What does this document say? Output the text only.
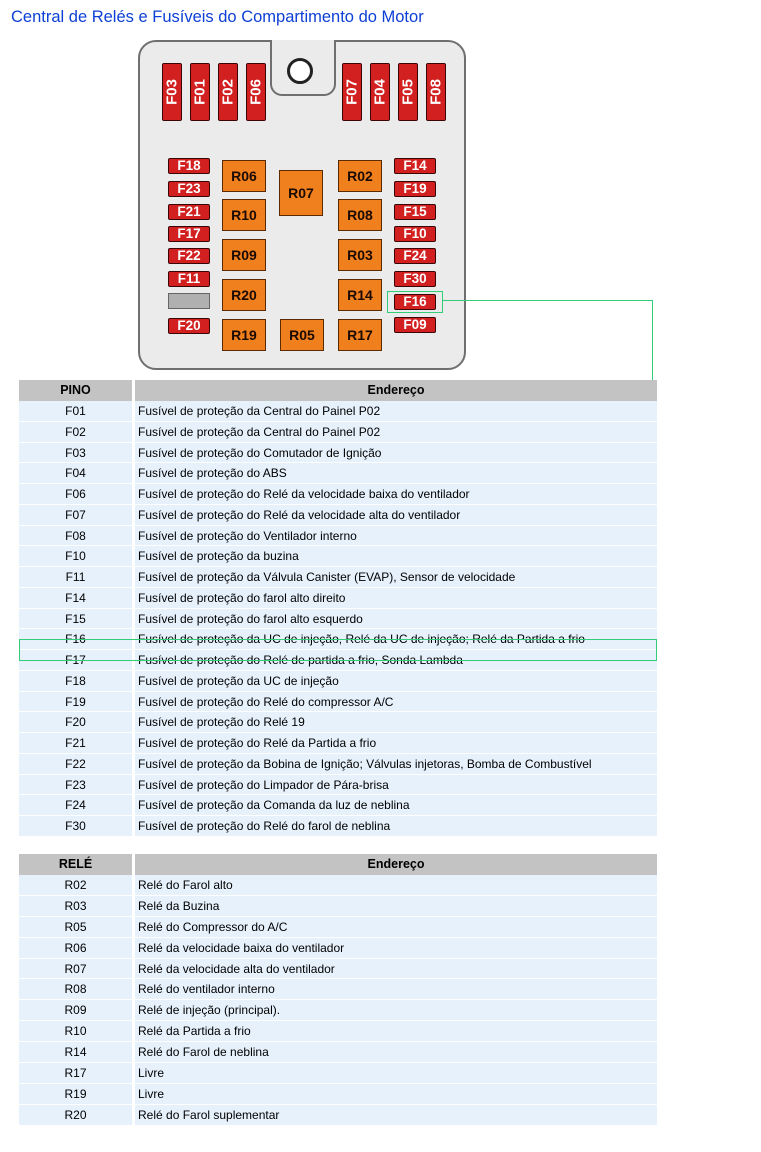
Central de Relés e Fusíveis do Compartimento do Motor
F03 F01 F02 F06	F07 F04 F05 F08
F18
F23
F21
F17
F22
F11
F20
F14
F19
F15
F10
F24
F30
F16
F09
R06
R10
R09
R20
R19
R07
R05
R02
R08
R03
R14
R17
PINO	Endereço
F01	Fusível de proteção da Central do Painel P02
F02	Fusível de proteção da Central do Painel P02
F03	Fusível de proteção do Comutador de Ignição
F04	Fusível de proteção do ABS
F06	Fusível de proteção do Relé da velocidade baixa do ventilador
F07	Fusível de proteção do Relé da velocidade alta do ventilador
F08	Fusível de proteção do Ventilador interno
F10	Fusível de proteção da buzina
F11	Fusível de proteção da Válvula Canister (EVAP), Sensor de velocidade
F14	Fusível de proteção do farol alto direito
F15	Fusível de proteção do farol alto esquerdo
F16	Fusível de proteção da UC de injeção, Relé da UC de injeção; Relé da Partida a frio
F17	Fusível de proteção do Relé de partida a frio, Sonda Lambda
F18	Fusível de proteção da UC de injeção
F19	Fusível de proteção do Relé do compressor A/C
F20	Fusível de proteção do Relé 19
F21	Fusível de proteção do Relé da Partida a frio
F22	Fusível de proteção da Bobina de Ignição; Válvulas injetoras, Bomba de Combustível
F23	Fusível de proteção do Limpador de Pára-brisa
F24	Fusível de proteção da Comanda da luz de neblina
F30	Fusível de proteção do Relé do farol de neblina
RELÉ	Endereço
R02	Relé do Farol alto
R03	Relé da Buzina
R05	Relé do Compressor do A/C
R06	Relé da velocidade baixa do ventilador
R07	Relé da velocidade alta do ventilador
R08	Relé do ventilador interno
R09	Relé de injeção (principal).
R10	Relé da Partida a frio
R14	Relé do Farol de neblina
R17	Livre
R19	Livre
R20	Relé do Farol suplementar
